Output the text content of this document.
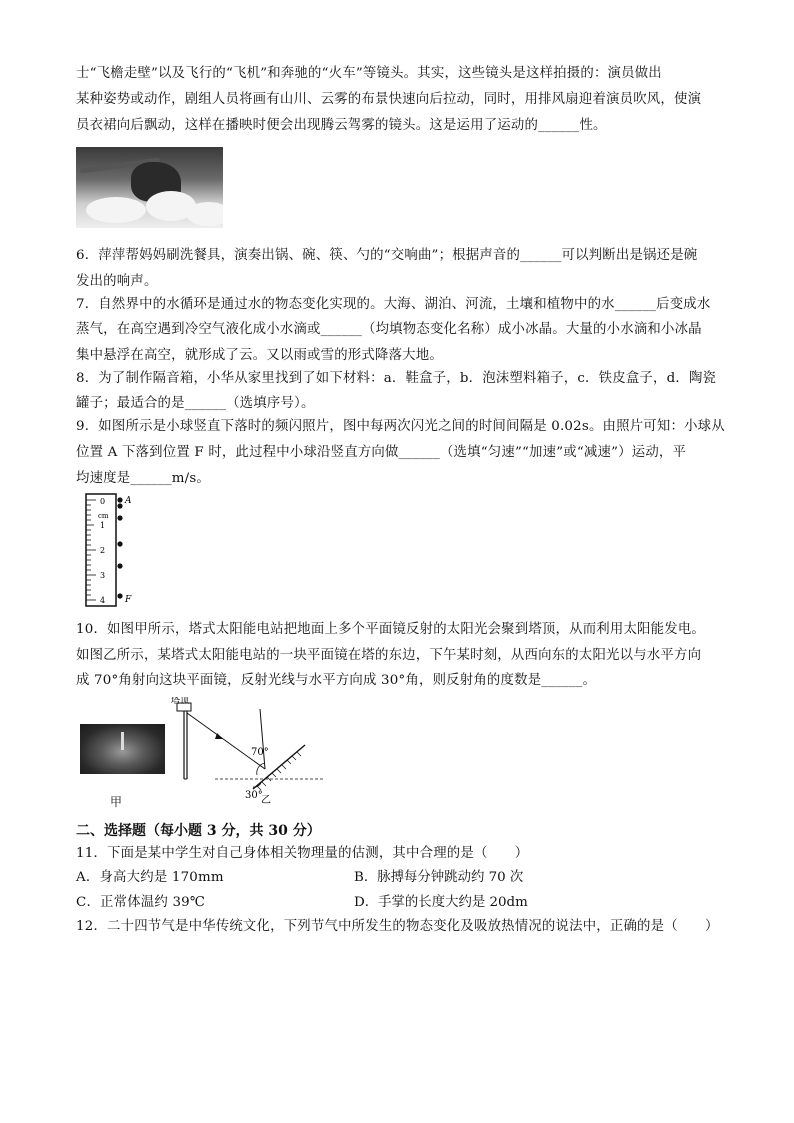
士“飞檐走壁”以及飞行的“飞机”和奔驰的“火车”等镜头。其实，这些镜头是这样拍摄的：演员做出
某种姿势或动作，剧组人员将画有山川、云雾的布景快速向后拉动，同时，用排风扇迎着演员吹风，使演
员衣裙向后飘动，这样在播映时便会出现腾云驾雾的镜头。这是运用了运动的______性。
6．萍萍帮妈妈刷洗餐具，演奏出锅、碗、筷、勺的“交响曲”；根据声音的______可以判断出是锅还是碗
发出的响声。
7．自然界中的水循环是通过水的物态变化实现的。大海、湖泊、河流，土壤和植物中的水______后变成水
蒸气，在高空遇到冷空气液化成小水滴或______（均填物态变化名称）成小冰晶。大量的小水滴和小冰晶
集中悬浮在高空，就形成了云。又以雨或雪的形式降落大地。
8．为了制作隔音箱，小华从家里找到了如下材料：a．鞋盒子，b．泡沫塑料箱子，c．铁皮盒子，d．陶瓷
罐子；最适合的是______（选填序号）。
9．如图所示是小球竖直下落时的频闪照片，图中每两次闪光之间的时间间隔是 0.02s。由照片可知：小球从
位置 A 下落到位置 F 时，此过程中小球沿竖直方向做______（选填“匀速”“加速”或“减速”）运动，平
均速度是______m/s。
0
cm
1
2
3
4
A
F
10．如图甲所示，塔式太阳能电站把地面上多个平面镜反射的太阳光会聚到塔顶，从而利用太阳能发电。
如图乙所示，某塔式太阳能电站的一块平面镜在塔的东边，下午某时刻，从西向东的太阳光以与水平方向
成 70°角射向这块平面镜，反射光线与水平方向成 30°角，则反射角的度数是______。
甲
塔顶
70°
30°
乙
二、选择题（每小题 3 分，共 30 分）
11．下面是某中学生对自己身体相关物理量的估测，其中合理的是（　　）
A．身高大约是 170mm	B．脉搏每分钟跳动约 70 次
C．正常体温约 39℃	D．手掌的长度大约是 20dm
12．二十四节气是中华传统文化，下列节气中所发生的物态变化及吸放热情况的说法中，正确的是（　　）
